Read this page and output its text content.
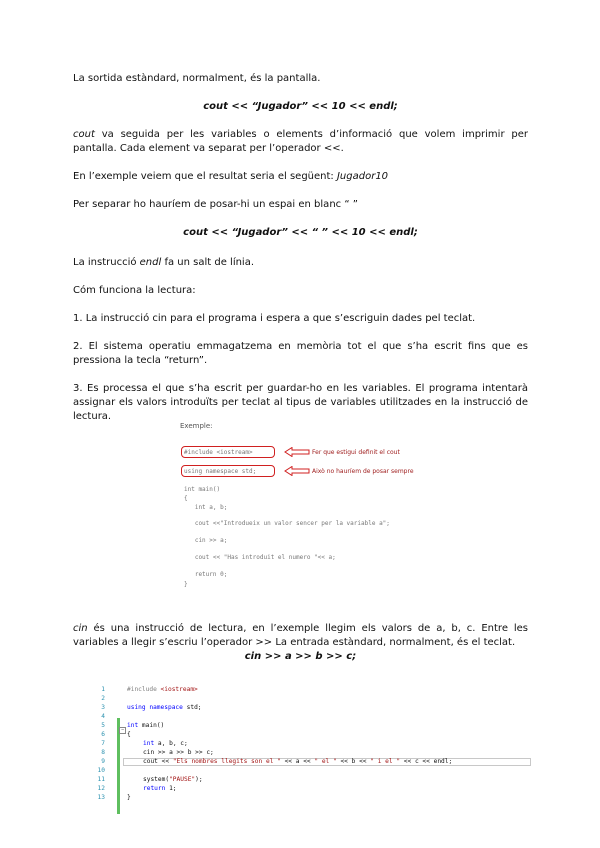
La sortida estàndard, normalment, és la pantalla.

cout << “Jugador” << 10 << endl;

cout va seguida per les variables o elements d’informació que volem imprimir per pantalla. Cada element va separat per l’operador <<.

En l’exemple veiem que el resultat seria el següent: Jugador10

Per separar ho hauríem de posar-hi un espai en blanc “ ”

cout << “Jugador” << “ ” << 10 << endl;

La instrucció endl fa un salt de línia.

Cóm funciona la lectura:

1. La instrucció cin para el programa i espera a que s’escriguin dades pel teclat.

2. El sistema operatiu emmagatzema en memòria tot el que s’ha escrit fins que es pressiona la tecla “return”.

3. Es processa el que s’ha escrit per guardar-ho en les variables. El programa intentarà assignar els valors introduïts per teclat al tipus de variables utilitzades en la instrucció de lectura.

Exemple:
Fer que estigui definit el cout
Això no hauríem de posar sempre
#include <iostream>
using namespace std;
int main()
{
int a, b;
cout <<"Introdueix un valor sencer per la variable a";
cin >> a;
cout << "Has introduit el numero "<< a;
return 0;
}

cin és una instrucció de lectura, en l’exemple llegim els valors de a, b, c. Entre les variables a llegir s’escriu l’operador >> La entrada estàndard, normalment, és el teclat.

cin >> a >> b >> c;

−
1	#include <iostream>
2
3	using namespace std;
4
5	int main()
6	{
7	int a, b, c;
8	cin >> a >> b >> c;
9	cout << "Els nombres llegits son el " << a << " el " << b << " i el " << c << endl;
10
11	system("PAUSE");
12	return 1;
13	}
